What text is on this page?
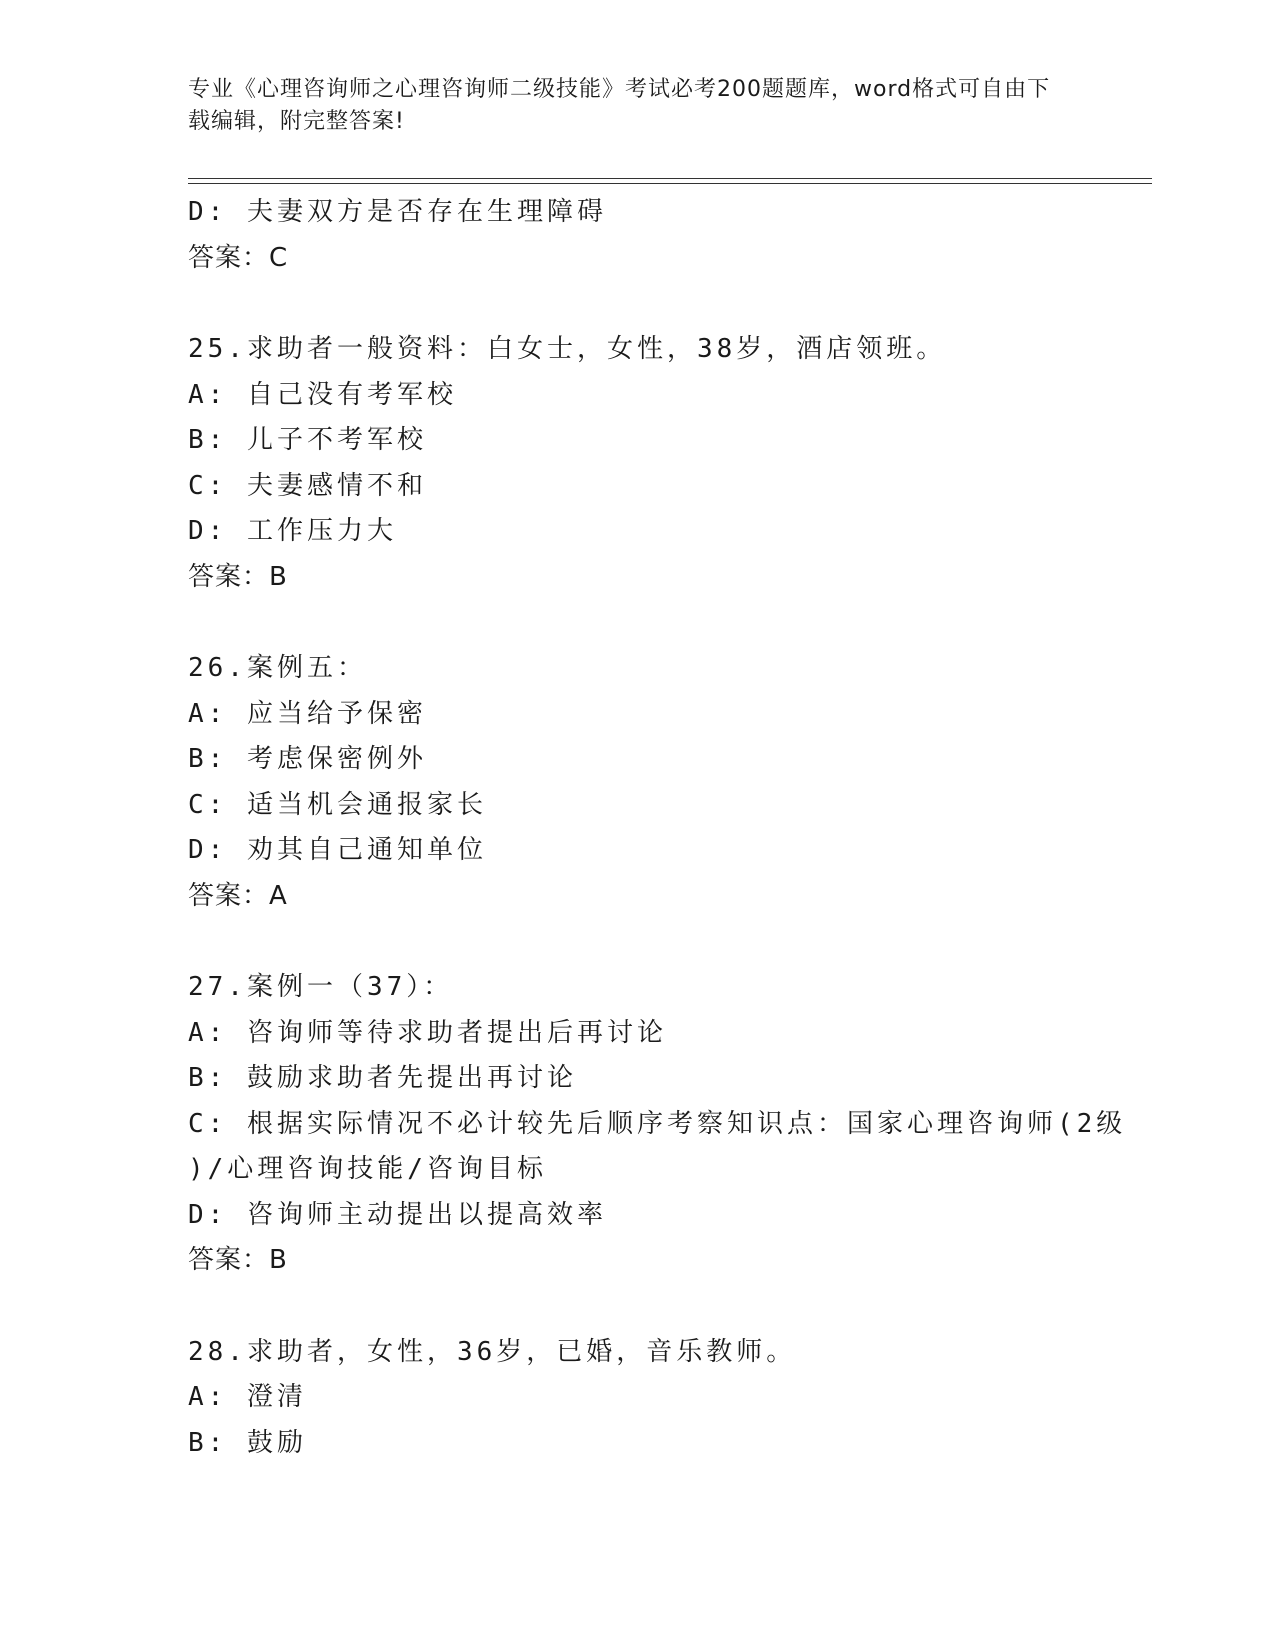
专业《心理咨询师之心理咨询师二级技能》考试必考200题题库，word格式可自由下载编辑，附完整答案!
D: 夫妻双方是否存在生理障碍
答案：C
25.求助者一般资料：白女士，女性，38岁，酒店领班。
A: 自己没有考军校
B: 儿子不考军校
C: 夫妻感情不和
D: 工作压力大
答案：B
26.案例五：
A: 应当给予保密
B: 考虑保密例外
C: 适当机会通报家长
D: 劝其自己通知单位
答案：A
27.案例一（37）：
A: 咨询师等待求助者提出后再讨论
B: 鼓励求助者先提出再讨论
C: 根据实际情况不必计较先后顺序考察知识点：国家心理咨询师(2级
)/心理咨询技能/咨询目标
D: 咨询师主动提出以提高效率
答案：B
28.求助者，女性，36岁，已婚，音乐教师。
A: 澄清
B: 鼓励
